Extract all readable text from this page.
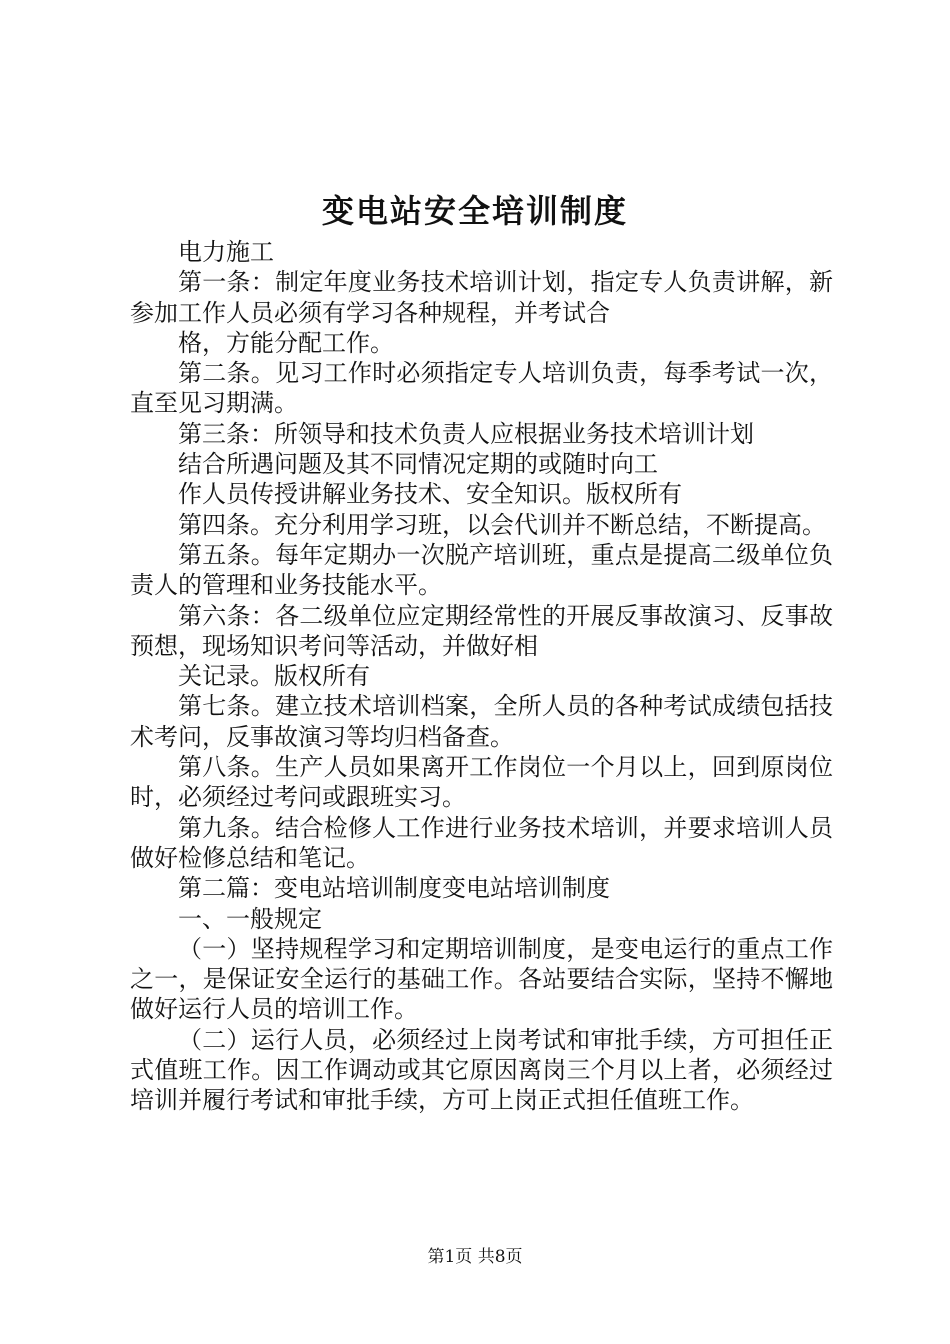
变电站安全培训制度

电力施工

第一条：制定年度业务技术培训计划，指定专人负责讲解，新参加工作人员必须有学习各种规程，并考试合

格，方能分配工作。

第二条。见习工作时必须指定专人培训负责，每季考试一次，直至见习期满。

第三条：所领导和技术负责人应根据业务技术培训计划

结合所遇问题及其不同情况定期的或随时向工

作人员传授讲解业务技术、安全知识。版权所有

第四条。充分利用学习班，以会代训并不断总结，不断提高。

第五条。每年定期办一次脱产培训班，重点是提高二级单位负责人的管理和业务技能水平。

第六条：各二级单位应定期经常性的开展反事故演习、反事故预想，现场知识考问等活动，并做好相

关记录。版权所有

第七条。建立技术培训档案，全所人员的各种考试成绩包括技术考问，反事故演习等均归档备查。

第八条。生产人员如果离开工作岗位一个月以上，回到原岗位时，必须经过考问或跟班实习。

第九条。结合检修人工作进行业务技术培训，并要求培训人员做好检修总结和笔记。

第二篇：变电站培训制度变电站培训制度

一、一般规定

（一）坚持规程学习和定期培训制度，是变电运行的重点工作之一，是保证安全运行的基础工作。各站要结合实际，坚持不懈地做好运行人员的培训工作。

（二）运行人员，必须经过上岗考试和审批手续，方可担任正式值班工作。因工作调动或其它原因离岗三个月以上者，必须经过培训并履行考试和审批手续，方可上岗正式担任值班工作。

第1页 共8页
